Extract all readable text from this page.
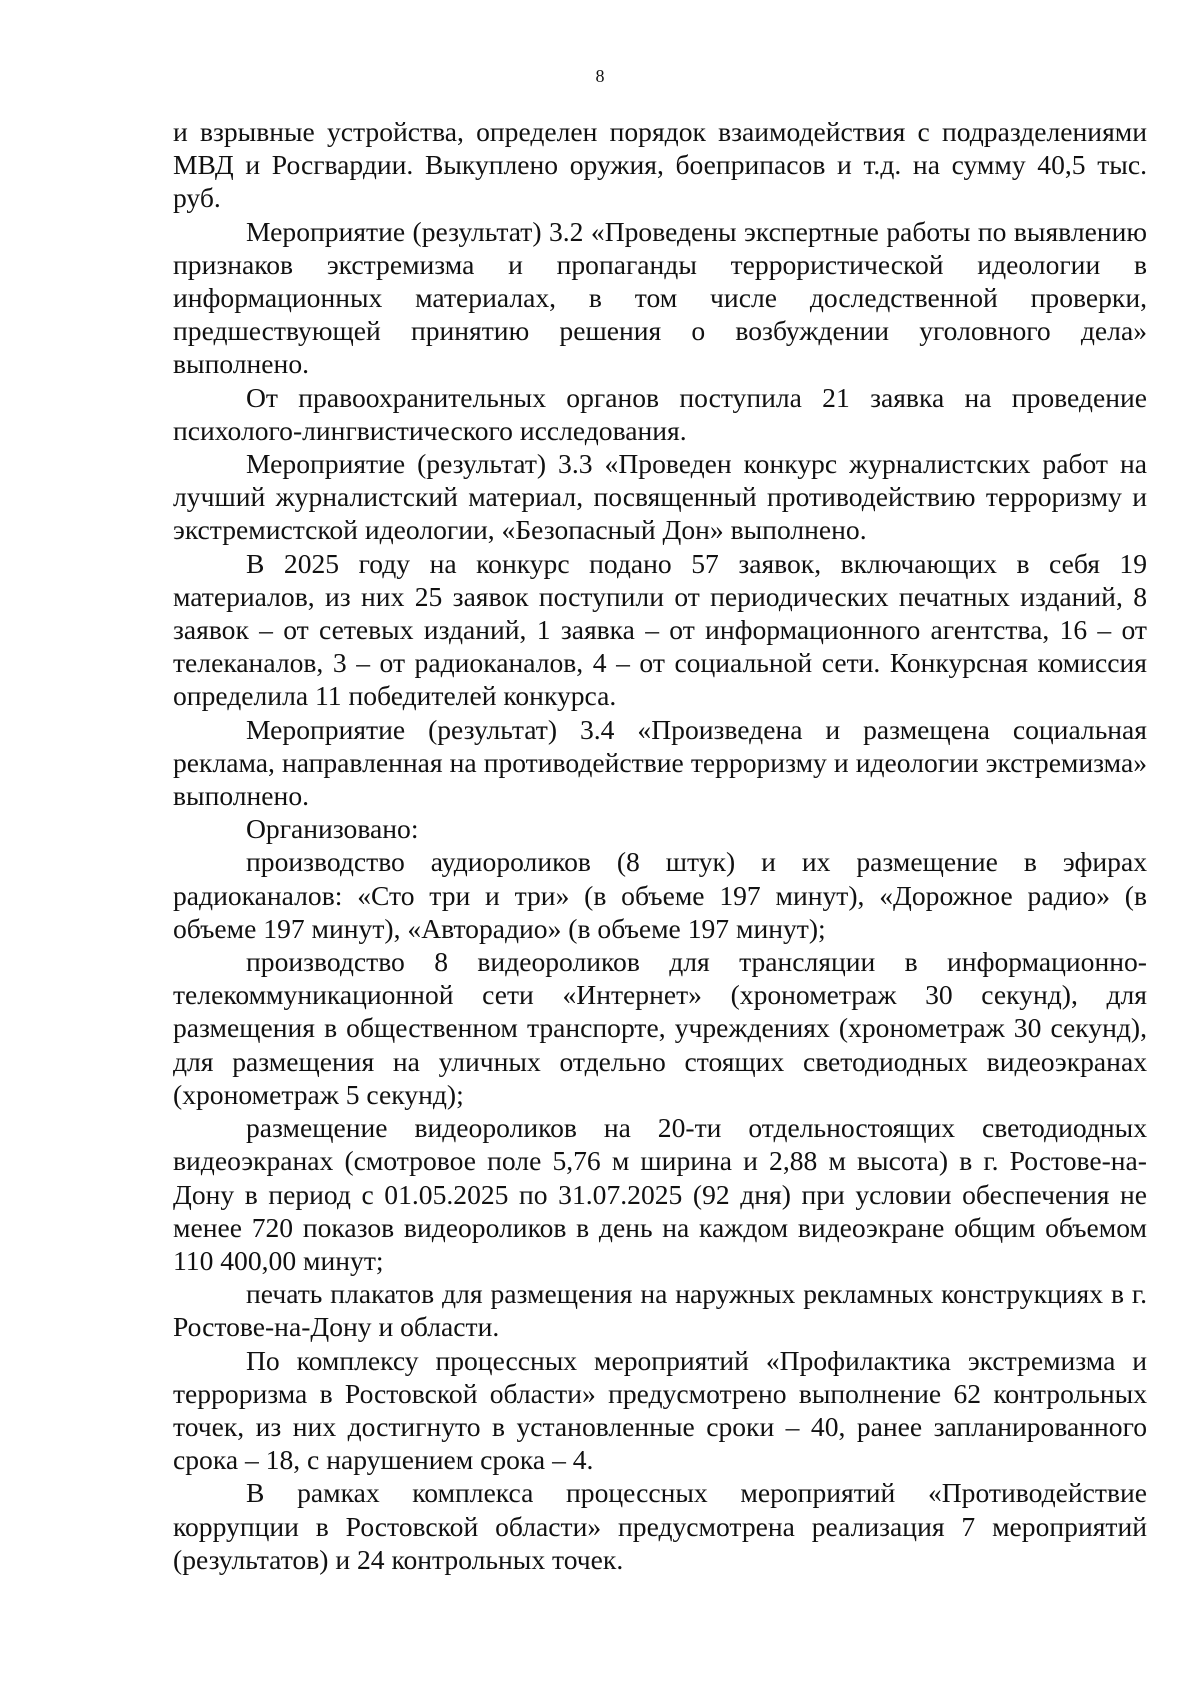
8

и взрывные устройства, определен порядок взаимодействия с подразделениями МВД и Росгвардии. Выкуплено оружия, боеприпасов и т.д. на сумму 40,5 тыс. руб.

Мероприятие (результат) 3.2 «Проведены экспертные работы по выявлению признаков экстремизма и пропаганды террористической идеологии в информационных материалах, в том числе доследственной проверки, предшествующей принятию решения о возбуждении уголовного дела» выполнено.

От правоохранительных органов поступила 21 заявка на проведение психолого-лингвистического исследования.

Мероприятие (результат) 3.3 «Проведен конкурс журналистских работ на лучший журналистский материал, посвященный противодействию терроризму и экстремистской идеологии, «Безопасный Дон» выполнено.

В 2025 году на конкурс подано 57 заявок, включающих в себя 19 материалов, из них 25 заявок поступили от периодических печатных изданий, 8 заявок – от сетевых изданий, 1 заявка – от информационного агентства, 16 – от телеканалов, 3 – от радиоканалов, 4 – от социальной сети. Конкурсная комиссия определила 11 победителей конкурса.

Мероприятие (результат) 3.4 «Произведена и размещена социальная реклама, направленная на противодействие терроризму и идеологии экстремизма» выполнено.

Организовано:

производство аудиороликов (8 штук) и их размещение в эфирах радиоканалов: «Сто три и три» (в объеме 197 минут), «Дорожное радио» (в объеме 197 минут), «Авторадио» (в объеме 197 минут);

производство 8 видеороликов для трансляции в информационно-телекоммуникационной сети «Интернет» (хронометраж 30 секунд), для размещения в общественном транспорте, учреждениях (хронометраж 30 секунд), для размещения на уличных отдельно стоящих светодиодных видеоэкранах (хронометраж 5 секунд);

размещение видеороликов на 20-ти отдельностоящих светодиодных видеоэкранах (смотровое поле 5,76 м ширина и 2,88 м высота) в г. Ростове-на-Дону в период с 01.05.2025 по 31.07.2025 (92 дня) при условии обеспечения не менее 720 показов видеороликов в день на каждом видеоэкране общим объемом 110 400,00 минут;

печать плакатов для размещения на наружных рекламных конструкциях в г. Ростове-на-Дону и области.

По комплексу процессных мероприятий «Профилактика экстремизма и терроризма в Ростовской области» предусмотрено выполнение 62 контрольных точек, из них достигнуто в установленные сроки – 40, ранее запланированного срока – 18, с нарушением срока – 4.

В рамках комплекса процессных мероприятий «Противодействие коррупции в Ростовской области» предусмотрена реализация 7 мероприятий (результатов) и 24 контрольных точек.
